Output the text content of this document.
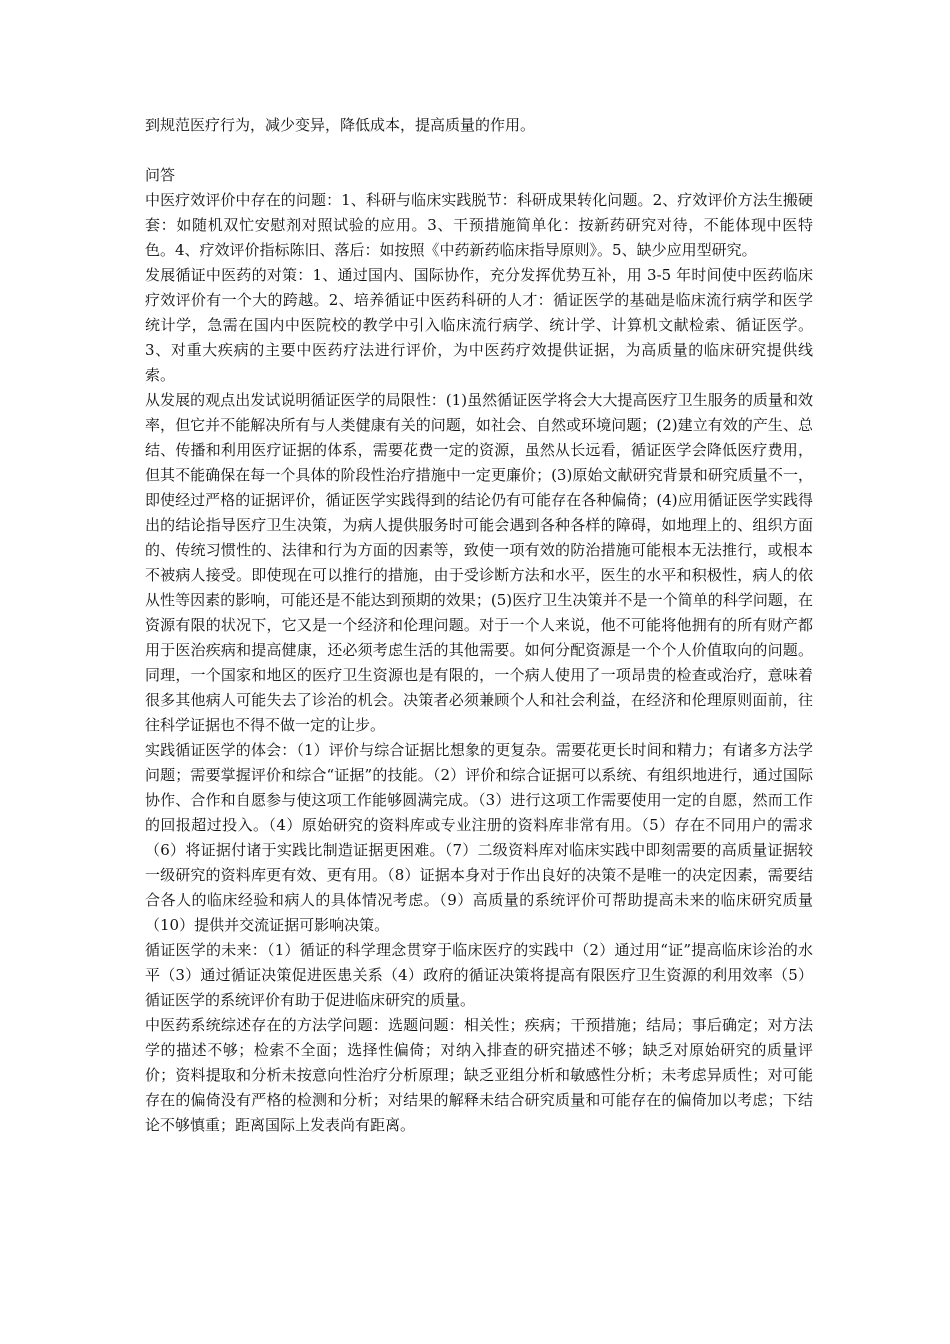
到规范医疗行为，减少变异，降低成本，提高质量的作用。

问答

中医疗效评价中存在的问题：1、科研与临床实践脱节：科研成果转化问题。2、疗效评价方法生搬硬套：如随机双忙安慰剂对照试验的应用。3、干预措施简单化：按新药研究对待，不能体现中医特色。4、疗效评价指标陈旧、落后：如按照《中药新药临床指导原则》。5、缺少应用型研究。

发展循证中医药的对策：1、通过国内、国际协作，充分发挥优势互补，用 3-5 年时间使中医药临床疗效评价有一个大的跨越。2、培养循证中医药科研的人才：循证医学的基础是临床流行病学和医学统计学，急需在国内中医院校的教学中引入临床流行病学、统计学、计算机文献检索、循证医学。3、对重大疾病的主要中医药疗法进行评价，为中医药疗效提供证据，为高质量的临床研究提供线索。

从发展的观点出发试说明循证医学的局限性：(1)虽然循证医学将会大大提高医疗卫生服务的质量和效率，但它并不能解决所有与人类健康有关的问题，如社会、自然或环境问题；(2)建立有效的产生、总结、传播和利用医疗证据的体系，需要花费一定的资源，虽然从长远看，循证医学会降低医疗费用，但其不能确保在每一个具体的阶段性治疗措施中一定更廉价；(3)原始文献研究背景和研究质量不一，即使经过严格的证据评价，循证医学实践得到的结论仍有可能存在各种偏倚；(4)应用循证医学实践得出的结论指导医疗卫生决策，为病人提供服务时可能会遇到各种各样的障碍，如地理上的、组织方面的、传统习惯性的、法律和行为方面的因素等，致使一项有效的防治措施可能根本无法推行，或根本不被病人接受。即使现在可以推行的措施，由于受诊断方法和水平，医生的水平和积极性，病人的依从性等因素的影响，可能还是不能达到预期的效果；(5)医疗卫生决策并不是一个简单的科学问题，在资源有限的状况下，它又是一个经济和伦理问题。对于一个人来说，他不可能将他拥有的所有财产都用于医治疾病和提高健康，还必须考虑生活的其他需要。如何分配资源是一个个人价值取向的问题。同理，一个国家和地区的医疗卫生资源也是有限的，一个病人使用了一项昂贵的检查或治疗，意味着很多其他病人可能失去了诊治的机会。决策者必须兼顾个人和社会利益，在经济和伦理原则面前，往往科学证据也不得不做一定的让步。

实践循证医学的体会：（1）评价与综合证据比想象的更复杂。需要花更长时间和精力；有诸多方法学问题；需要掌握评价和综合“证据”的技能。（2）评价和综合证据可以系统、有组织地进行，通过国际协作、合作和自愿参与使这项工作能够圆满完成。（3）进行这项工作需要使用一定的自愿，然而工作的回报超过投入。（4）原始研究的资料库或专业注册的资料库非常有用。（5）存在不同用户的需求（6）将证据付诸于实践比制造证据更困难。（7）二级资料库对临床实践中即刻需要的高质量证据较一级研究的资料库更有效、更有用。（8）证据本身对于作出良好的决策不是唯一的决定因素，需要结合各人的临床经验和病人的具体情况考虑。（9）高质量的系统评价可帮助提高未来的临床研究质量（10）提供并交流证据可影响决策。

循证医学的未来：（1）循证的科学理念贯穿于临床医疗的实践中（2）通过用“证”提高临床诊治的水平（3）通过循证决策促进医患关系（4）政府的循证决策将提高有限医疗卫生资源的利用效率（5）循证医学的系统评价有助于促进临床研究的质量。

中医药系统综述存在的方法学问题：选题问题：相关性；疾病；干预措施；结局；事后确定；对方法学的描述不够；检索不全面；选择性偏倚；对纳入排查的研究描述不够；缺乏对原始研究的质量评价；资料提取和分析未按意向性治疗分析原理；缺乏亚组分析和敏感性分析；未考虑异质性；对可能存在的偏倚没有严格的检测和分析；对结果的解释未结合研究质量和可能存在的偏倚加以考虑；下结论不够慎重；距离国际上发表尚有距离。
